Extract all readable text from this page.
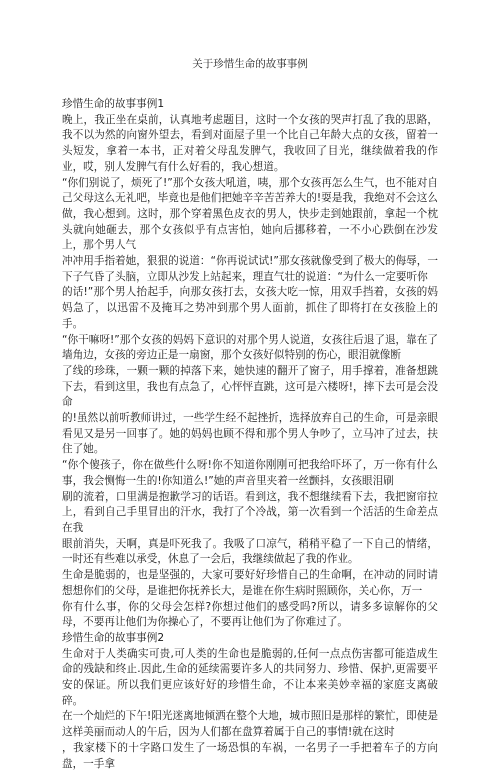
关于珍惜生命的故事事例

珍惜生命的故事事例1

晚上，我正坐在桌前，认真地考虑题目，这时一个女孩的哭声打乱了我的思路，我不以为然的向窗外望去，看到对面屋子里一个比自己年龄大点的女孩，留着一头短发，拿着一本书，正对着父母乱发脾气，我收回了目光，继续做着我的作业，哎，别人发脾气有什么好看的，我心想道。

“你们别说了，烦死了!”那个女孩大吼道，咦，那个女孩再怎么生气，也不能对自己父母这么无礼吧，毕竟也是他们把她辛辛苦苦养大的!耍是我，我绝对不会这么做，我心想到。这时，那个穿着黑色皮衣的男人，快步走到她跟前，拿起一个枕头就向她砸去，那个女孩似乎有点害怕，她向后挪移着，一不小心跌倒在沙发上，那个男人气

冲冲用手指着她，狠狠的说道：“你再说试试!”那女孩就像受到了极大的侮辱，一下子气昏了头脑，立即从沙发上站起来，理直气壮的说道：“为什么一定要听你

的话!”那个男人抬起手，向那女孩打去，女孩大吃一惊，用双手挡着，女孩的妈妈急了，以迅雷不及掩耳之势冲到那个男人面前，抓住了即将打在女孩脸上的手。

“你干嘛呀!”那个女孩的妈妈下意识的对那个男人说道，女孩往后退了退，靠在了墙角边，女孩的旁边正是一扇窗，那个女孩好似特别的伤心，眼泪就像断

了线的珍珠，一颗一颗的掉落下来，她快速的翻开了窗子，用手撑着，准备想跳下去，看到这里，我也有点急了，心怦怦直跳，这可是六楼呀!，摔下去可是会没命

的!虽然以前听教师讲过，一些学生经不起挫折，选择放弃自己的生命，可是亲眼看见又是另一回事了。她的妈妈也顾不得和那个男人争吵了，立马冲了过去，扶住了她。

“你个傻孩子，你在做些什么呀!你不知道你刚刚可把我给吓坏了，万一你有什么事，我会恻悔一生的!你知道么!”她的声音里夹着一丝颤抖，女孩眼泪刷

刷的流着，口里满是抱歉学习的话语。看到这，我不想继续看下去，我把窗帘拉上，看到自己手里冒出的汗水，我打了个冷战，第一次看到一个活活的生命差点在我

眼前消失，天啊，真是吓死我了。我吸了口凉气，稍稍平稳了一下自己的情绪，一时还有些难以承受，休息了一会后，我继续做起了我的作业。

生命是脆弱的，也是坚强的，大家可要好好珍惜自己的生命啊，在冲动的同时请想想你们的父母，是谁把你抚养长大，是谁在你生病时照顾你，关心你，万一

你有什么事，你的父母会怎样?你想过他们的感受吗?所以，请多多谅解你的父母，不要再让他们为你操心了，不要再让他们为了你难过了。

珍惜生命的故事事例2

生命对于人类确实可贵,可人类的生命也是脆弱的,任何一点点伤害都可能造成生命的残缺和终止.因此,生命的延续需要许多人的共同努力、珍惜、保护,更需要平安的保证。所以我们更应该好好的珍惜生命，不让本来美妙幸福的家庭支离破碎。

在一个灿烂的下午!阳光迷离地倾洒在整个大地，城市照旧是那样的繁忙，即使是这样美丽而动人的午后，因为人们都在盘算着属于自己的事情!就在这时

，我家楼下的十字路口发生了一场恐惧的车祸，一名男子一手把着车子的方向盘，一手拿
